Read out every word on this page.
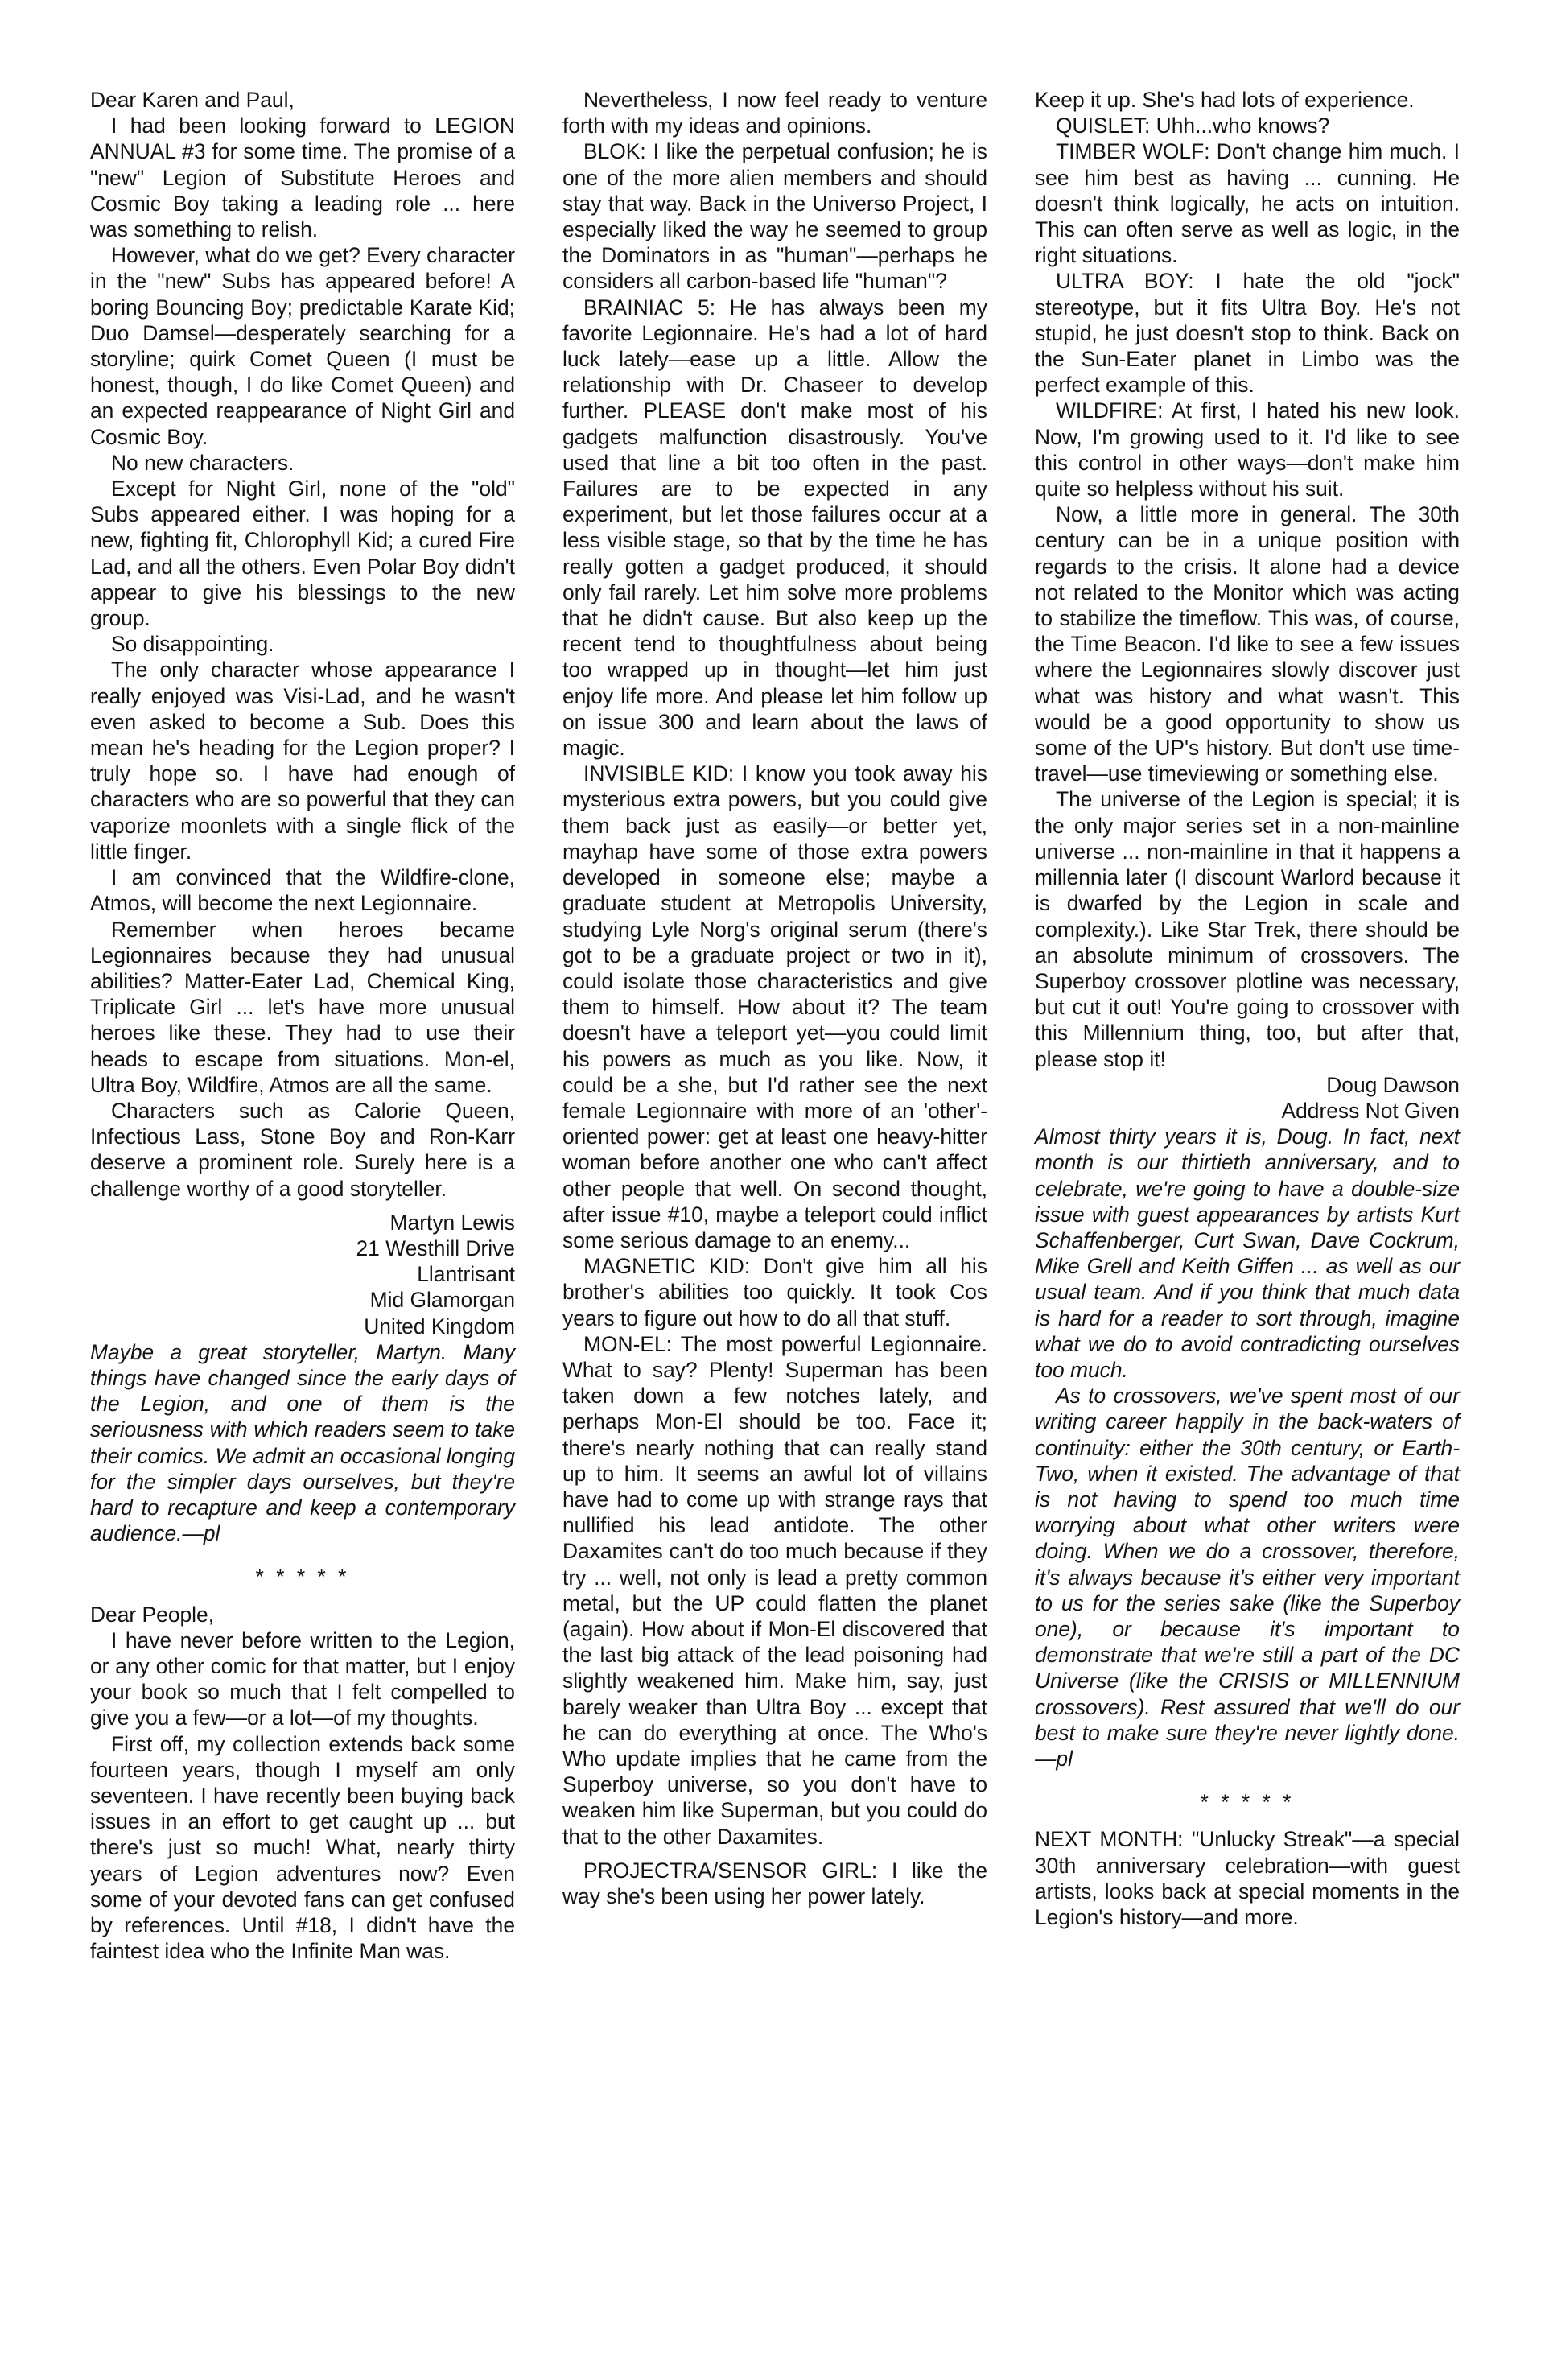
Dear Karen and Paul,

I had been looking forward to LEGION ANNUAL #3 for some time. The promise of a "new" Legion of Substitute Heroes and Cosmic Boy taking a leading role ... here was something to relish.

However, what do we get? Every character in the "new" Subs has appeared before! A boring Bouncing Boy; predictable Karate Kid; Duo Damsel—desperately searching for a storyline; quirk Comet Queen (I must be honest, though, I do like Comet Queen) and an expected reappearance of Night Girl and Cosmic Boy.

No new characters.

Except for Night Girl, none of the "old" Subs appeared either. I was hoping for a new, fighting fit, Chlorophyll Kid; a cured Fire Lad, and all the others. Even Polar Boy didn't appear to give his blessings to the new group.

So disappointing.

The only character whose appearance I really enjoyed was Visi-Lad, and he wasn't even asked to become a Sub. Does this mean he's heading for the Legion proper? I truly hope so. I have had enough of characters who are so powerful that they can vaporize moonlets with a single flick of the little finger.

I am convinced that the Wildfire-clone, Atmos, will become the next Legionnaire.

Remember when heroes became Legionnaires because they had unusual abilities? Matter-Eater Lad, Chemical King, Triplicate Girl ... let's have more unusual heroes like these. They had to use their heads to escape from situations. Mon-el, Ultra Boy, Wildfire, Atmos are all the same.

Characters such as Calorie Queen, Infectious Lass, Stone Boy and Ron-Karr deserve a prominent role. Surely here is a challenge worthy of a good storyteller.

Martyn Lewis

21 Westhill Drive

Llantrisant

Mid Glamorgan

United Kingdom

Maybe a great storyteller, Martyn. Many things have changed since the early days of the Legion, and one of them is the seriousness with which readers seem to take their comics. We admit an occasional longing for the simpler days ourselves, but they're hard to recapture and keep a contemporary audience.—pl

* * * * *

Dear People,

I have never before written to the Legion, or any other comic for that matter, but I enjoy your book so much that I felt compelled to give you a few—or a lot—of my thoughts.

First off, my collection extends back some fourteen years, though I myself am only seventeen. I have recently been buying back issues in an effort to get caught up ... but there's just so much! What, nearly thirty years of Legion adventures now? Even some of your devoted fans can get confused by references. Until #18, I didn't have the faintest idea who the Infinite Man was.

Nevertheless, I now feel ready to venture forth with my ideas and opinions.

BLOK: I like the perpetual confusion; he is one of the more alien members and should stay that way. Back in the Universo Project, I especially liked the way he seemed to group the Dominators in as "human"—perhaps he considers all carbon-based life "human"?

BRAINIAC 5: He has always been my favorite Legionnaire. He's had a lot of hard luck lately—ease up a little. Allow the relationship with Dr. Chaseer to develop further. PLEASE don't make most of his gadgets malfunction disastrously. You've used that line a bit too often in the past. Failures are to be expected in any experiment, but let those failures occur at a less visible stage, so that by the time he has really gotten a gadget produced, it should only fail rarely. Let him solve more problems that he didn't cause. But also keep up the recent tend to thoughtfulness about being too wrapped up in thought—let him just enjoy life more. And please let him follow up on issue 300 and learn about the laws of magic.

INVISIBLE KID: I know you took away his mysterious extra powers, but you could give them back just as easily—or better yet, mayhap have some of those extra powers developed in someone else; maybe a graduate student at Metropolis University, studying Lyle Norg's original serum (there's got to be a graduate project or two in it), could isolate those characteristics and give them to himself. How about it? The team doesn't have a teleport yet—you could limit his powers as much as you like. Now, it could be a she, but I'd rather see the next female Legionnaire with more of an 'other'-oriented power: get at least one heavy-hitter woman before another one who can't affect other people that well. On second thought, after issue #10, maybe a teleport could inflict some serious damage to an enemy...

MAGNETIC KID: Don't give him all his brother's abilities too quickly. It took Cos years to figure out how to do all that stuff.

MON-EL: The most powerful Legionnaire. What to say? Plenty! Superman has been taken down a few notches lately, and perhaps Mon-El should be too. Face it; there's nearly nothing that can really stand up to him. It seems an awful lot of villains have had to come up with strange rays that nullified his lead antidote. The other Daxamites can't do too much because if they try ... well, not only is lead a pretty common metal, but the UP could flatten the planet (again). How about if Mon-El discovered that the last big attack of the lead poisoning had slightly weakened him. Make him, say, just barely weaker than Ultra Boy ... except that he can do everything at once. The Who's Who update implies that he came from the Superboy universe, so you don't have to weaken him like Superman, but you could do that to the other Daxamites.

PROJECTRA/SENSOR GIRL: I like the way she's been using her power lately.

Keep it up. She's had lots of experience.

QUISLET: Uhh...who knows?

TIMBER WOLF: Don't change him much. I see him best as having ... cunning. He doesn't think logically, he acts on intuition. This can often serve as well as logic, in the right situations.

ULTRA BOY: I hate the old "jock" stereotype, but it fits Ultra Boy. He's not stupid, he just doesn't stop to think. Back on the Sun-Eater planet in Limbo was the perfect example of this.

WILDFIRE: At first, I hated his new look. Now, I'm growing used to it. I'd like to see this control in other ways—don't make him quite so helpless without his suit.

Now, a little more in general. The 30th century can be in a unique position with regards to the crisis. It alone had a device not related to the Monitor which was acting to stabilize the timeflow. This was, of course, the Time Beacon. I'd like to see a few issues where the Legionnaires slowly discover just what was history and what wasn't. This would be a good opportunity to show us some of the UP's history. But don't use time-travel—use timeviewing or something else.

The universe of the Legion is special; it is the only major series set in a non-mainline universe ... non-mainline in that it happens a millennia later (I discount Warlord because it is dwarfed by the Legion in scale and complexity.). Like Star Trek, there should be an absolute minimum of crossovers. The Superboy crossover plotline was necessary, but cut it out! You're going to crossover with this Millennium thing, too, but after that, please stop it!

Doug Dawson

Address Not Given

Almost thirty years it is, Doug. In fact, next month is our thirtieth anniversary, and to celebrate, we're going to have a double-size issue with guest appearances by artists Kurt Schaffenberger, Curt Swan, Dave Cockrum, Mike Grell and Keith Giffen ... as well as our usual team. And if you think that much data is hard for a reader to sort through, imagine what we do to avoid contradicting ourselves too much.

As to crossovers, we've spent most of our writing career happily in the back-waters of continuity: either the 30th century, or Earth-Two, when it existed. The advantage of that is not having to spend too much time worrying about what other writers were doing. When we do a crossover, therefore, it's always because it's either very important to us for the series sake (like the Superboy one), or because it's important to demonstrate that we're still a part of the DC Universe (like the CRISIS or MILLENNIUM crossovers). Rest assured that we'll do our best to make sure they're never lightly done.—pl

* * * * *

NEXT MONTH: "Unlucky Streak"—a special 30th anniversary celebration—with guest artists, looks back at special moments in the Legion's history—and more.
